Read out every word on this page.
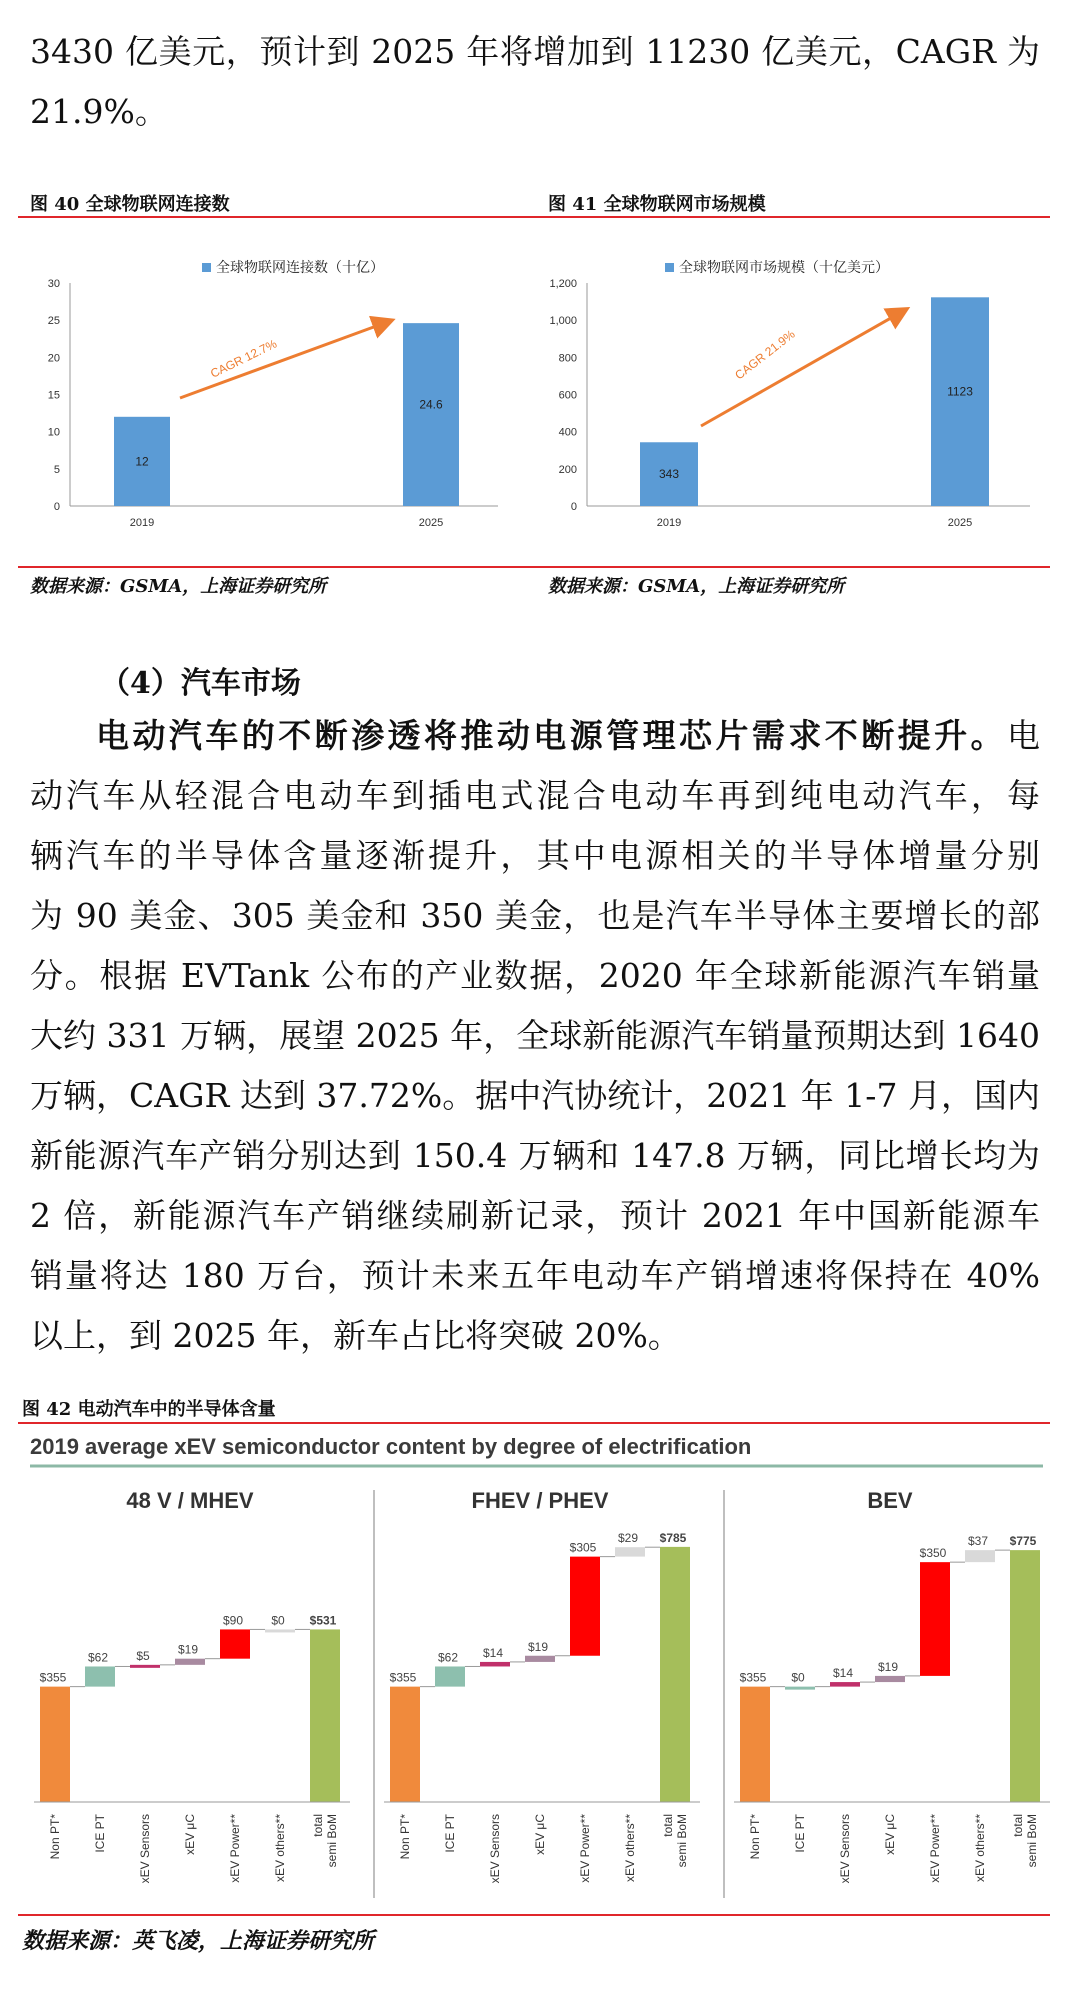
3430 亿美元，预计到 2025 年将增加到 11230 亿美元，CAGR 为
21.9%。
图 40 全球物联网连接数	图 41 全球物联网市场规模
全球物联网连接数（十亿）
0
5
10
15
20
25
30
12
2019
24.6
2025
CAGR 12.7%
全球物联网市场规模（十亿美元）
0
200
400
600
800
1,000
1,200
343
2019
1123
2025
CAGR 21.9%
数据来源：GSMA，上海证券研究所	数据来源：GSMA，上海证券研究所
（4）汽车市场
电动汽车的不断渗透将推动电源管理芯片需求不断提升。电
动汽车从轻混合电动车到插电式混合电动车再到纯电动汽车，每
辆汽车的半导体含量逐渐提升，其中电源相关的半导体增量分别
为 90 美金、305 美金和 350 美金，也是汽车半导体主要增长的部
分。根据 EVTank 公布的产业数据，2020 年全球新能源汽车销量
大约 331 万辆，展望 2025 年，全球新能源汽车销量预期达到 1640
万辆，CAGR 达到 37.72%。据中汽协统计，2021 年 1-7 月，国内
新能源汽车产销分别达到 150.4 万辆和 147.8 万辆，同比增长均为
2 倍，新能源汽车产销继续刷新记录，预计 2021 年中国新能源车
销量将达 180 万台，预计未来五年电动车产销增速将保持在 40%
以上，到 2025 年，新车占比将突破 20%。
图 42 电动汽车中的半导体含量
2019 average xEV semiconductor content by degree of electrification
48 V / MHEV
$355
Non PT*
$62
ICE PT
$5
xEV Sensors
$19
xEV μC
$90
xEV Power**
$0
xEV others**
$531
total semi BoM
FHEV / PHEV
$355
Non PT*
$62
ICE PT
$14
xEV Sensors
$19
xEV μC
$305
xEV Power**
$29
xEV others**
$785
total semi BoM
BEV
$355
Non PT*
$0
ICE PT
$14
xEV Sensors
$19
xEV μC
$350
xEV Power**
$37
xEV others**
$775
total semi BoM
数据来源：英飞凌，上海证券研究所
